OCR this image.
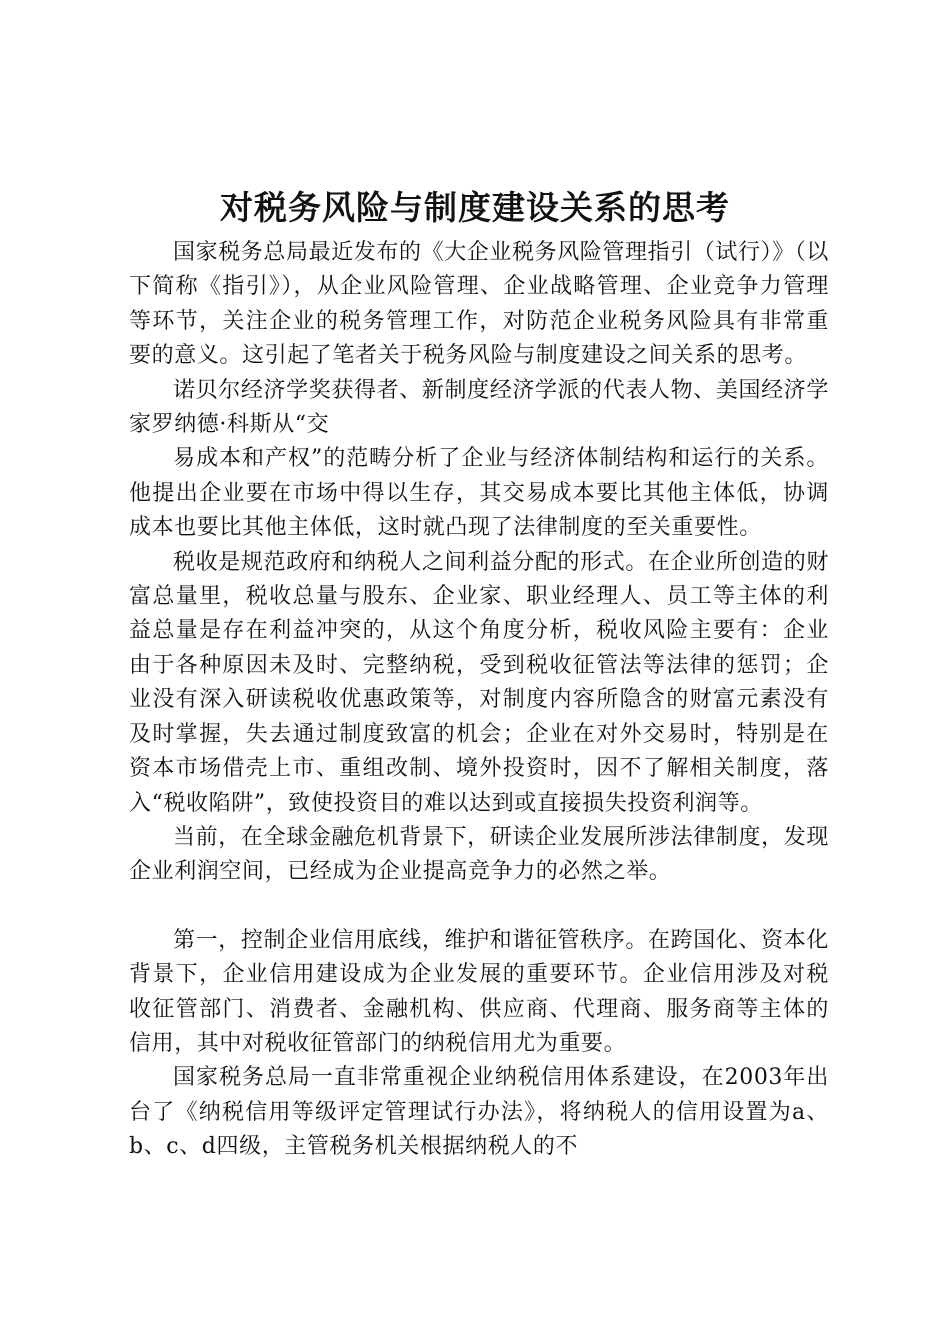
对税务风险与制度建设关系的思考

国家税务总局最近发布的《大企业税务风险管理指引（试行）》（以下简称《指引》），从企业风险管理、企业战略管理、企业竞争力管理等环节，关注企业的税务管理工作，对防范企业税务风险具有非常重要的意义。这引起了笔者关于税务风险与制度建设之间关系的思考。

诺贝尔经济学奖获得者、新制度经济学派的代表人物、美国经济学家罗纳德·科斯从“交

易成本和产权”的范畴分析了企业与经济体制结构和运行的关系。他提出企业要在市场中得以生存，其交易成本要比其他主体低，协调成本也要比其他主体低，这时就凸现了法律制度的至关重要性。

税收是规范政府和纳税人之间利益分配的形式。在企业所创造的财富总量里，税收总量与股东、企业家、职业经理人、员工等主体的利益总量是存在利益冲突的，从这个角度分析，税收风险主要有：企业由于各种原因未及时、完整纳税，受到税收征管法等法律的惩罚；企业没有深入研读税收优惠政策等，对制度内容所隐含的财富元素没有及时掌握，失去通过制度致富的机会；企业在对外交易时，特别是在资本市场借壳上市、重组改制、境外投资时，因不了解相关制度，落入“税收陷阱”，致使投资目的难以达到或直接损失投资利润等。

当前，在全球金融危机背景下，研读企业发展所涉法律制度，发现企业利润空间，已经成为企业提高竞争力的必然之举。

第一，控制企业信用底线，维护和谐征管秩序。在跨国化、资本化背景下，企业信用建设成为企业发展的重要环节。企业信用涉及对税收征管部门、消费者、金融机构、供应商、代理商、服务商等主体的信用，其中对税收征管部门的纳税信用尤为重要。

国家税务总局一直非常重视企业纳税信用体系建设，在2003年出台了《纳税信用等级评定管理试行办法》，将纳税人的信用设置为a、b、c、d四级，主管税务机关根据纳税人的不
